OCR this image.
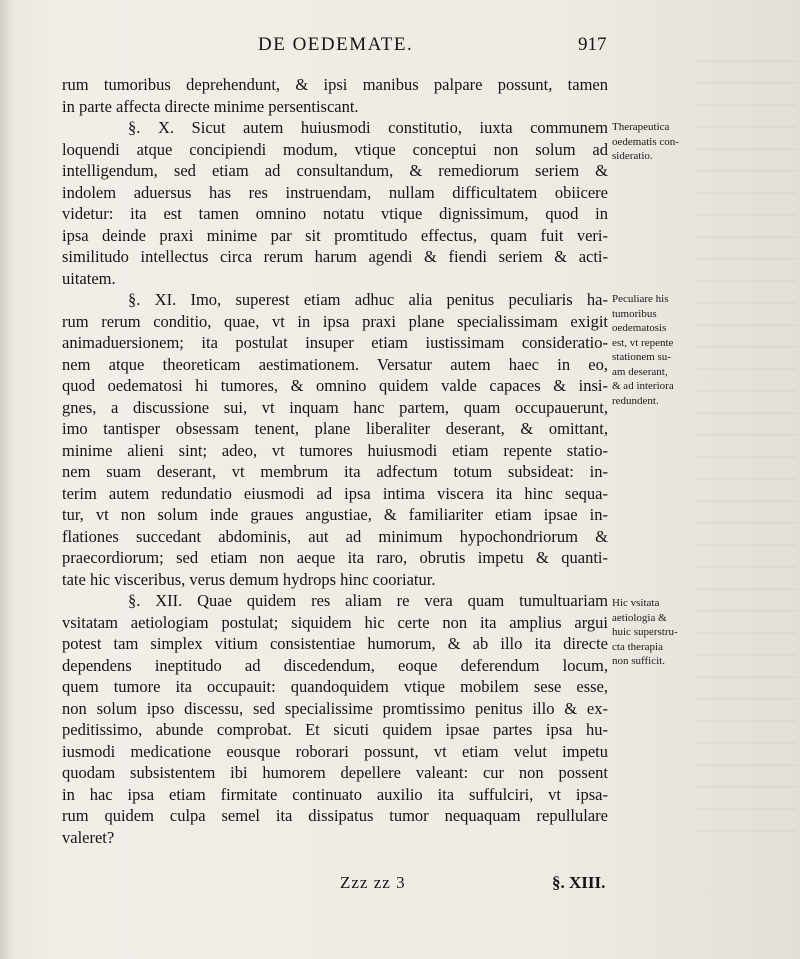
DE OEDEMATE.	917
rum tumoribus deprehendunt, & ipsi manibus palpare possunt, tamen
in parte affecta directe minime persentiscant.
§. X. Sicut autem huiusmodi constitutio, iuxta communem
loquendi atque concipiendi modum, vtique conceptui non solum ad
intelligendum, sed etiam ad consultandum, & remediorum seriem &
indolem aduersus has res instruendam, nullam difficultatem obiicere
videtur: ita est tamen omnino notatu vtique dignissimum, quod in
ipsa deinde praxi minime par sit promtitudo effectus, quam fuit veri-
similitudo intellectus circa rerum harum agendi & fiendi seriem & acti-
uitatem.
§. XI. Imo, superest etiam adhuc alia penitus peculiaris ha-
rum rerum conditio, quae, vt in ipsa praxi plane specialissimam exigit
animaduersionem; ita postulat insuper etiam iustissimam consideratio-
nem atque theoreticam aestimationem. Versatur autem haec in eo,
quod oedematosi hi tumores, & omnino quidem valde capaces & insi-
gnes, a discussione sui, vt inquam hanc partem, quam occupauerunt,
imo tantisper obsessam tenent, plane liberaliter deserant, & omittant,
minime alieni sint; adeo, vt tumores huiusmodi etiam repente statio-
nem suam deserant, vt membrum ita adfectum totum subsideat: in-
terim autem redundatio eiusmodi ad ipsa intima viscera ita hinc sequa-
tur, vt non solum inde graues angustiae, & familiariter etiam ipsae in-
flationes succedant abdominis, aut ad minimum hypochondriorum &
praecordiorum; sed etiam non aeque ita raro, obrutis impetu & quanti-
tate hic visceribus, verus demum hydrops hinc cooriatur.
§. XII. Quae quidem res aliam re vera quam tumultuariam
vsitatam aetiologiam postulat; siquidem hic certe non ita amplius argui
potest tam simplex vitium consistentiae humorum, & ab illo ita directe
dependens ineptitudo ad discedendum, eoque deferendum locum,
quem tumore ita occupauit: quandoquidem vtique mobilem sese esse,
non solum ipso discessu, sed specialissime promtissimo penitus illo & ex-
peditissimo, abunde comprobat. Et sicuti quidem ipsae partes ipsa hu-
iusmodi medicatione eousque roborari possunt, vt etiam velut impetu
quodam subsistentem ibi humorem depellere valeant: cur non possent
in hac ipsa etiam firmitate continuato auxilio ita suffulciri, vt ipsa-
rum quidem culpa semel ita dissipatus tumor nequaquam repullulare
valeret?
Therapeutica
oedematis con-
sideratio.
Peculiare his
tumoribus
oedematosis
est, vt repente
stationem su-
am deserant,
& ad interiora
redundent.
Hic vsitata
aetiologia &
huic superstru-
cta therapia
non sufficit.
Zzz zz 3	§. XIII.
